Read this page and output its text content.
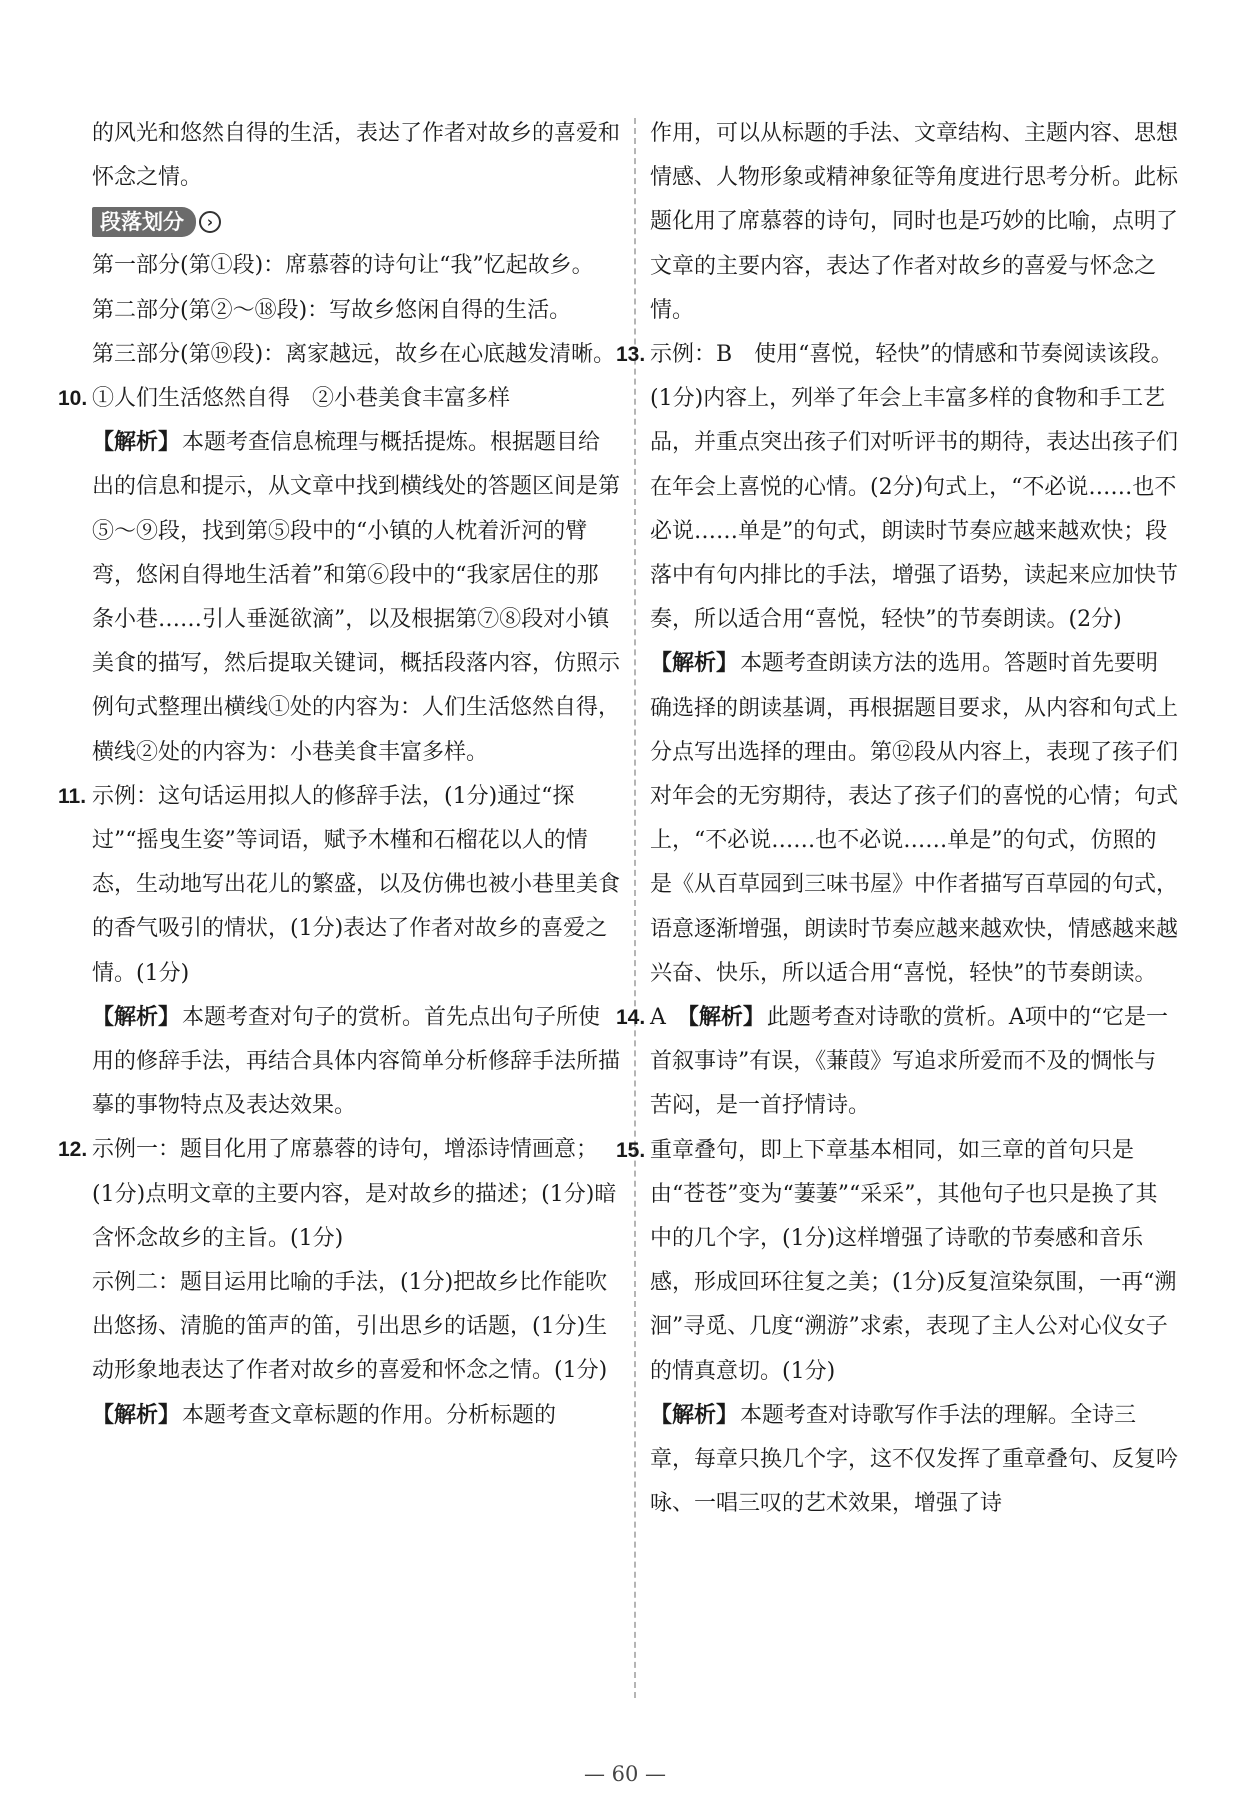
的风光和悠然自得的生活，表达了作者对故乡的喜爱和怀念之情。
段落划分	›
第一部分(第①段)：席慕蓉的诗句让“我”忆起故乡。
第二部分(第②～⑱段)：写故乡悠闲自得的生活。
第三部分(第⑲段)：离家越远，故乡在心底越发清晰。
10. ①人们生活悠然自得　②小巷美食丰富多样
【解析】本题考查信息梳理与概括提炼。根据题目给出的信息和提示，从文章中找到横线处的答题区间是第⑤～⑨段，找到第⑤段中的“小镇的人枕着沂河的臂弯，悠闲自得地生活着”和第⑥段中的“我家居住的那条小巷……引人垂涎欲滴”，以及根据第⑦⑧段对小镇美食的描写，然后提取关键词，概括段落内容，仿照示例句式整理出横线①处的内容为：人们生活悠然自得，横线②处的内容为：小巷美食丰富多样。
11. 示例：这句话运用拟人的修辞手法，(1分)通过“探过”“摇曳生姿”等词语，赋予木槿和石榴花以人的情态，生动地写出花儿的繁盛，以及仿佛也被小巷里美食的香气吸引的情状，(1分)表达了作者对故乡的喜爱之情。(1分)
【解析】本题考查对句子的赏析。首先点出句子所使用的修辞手法，再结合具体内容简单分析修辞手法所描摹的事物特点及表达效果。
12. 示例一：题目化用了席慕蓉的诗句，增添诗情画意；(1分)点明文章的主要内容，是对故乡的描述；(1分)暗含怀念故乡的主旨。(1分)
示例二：题目运用比喻的手法，(1分)把故乡比作能吹出悠扬、清脆的笛声的笛，引出思乡的话题，(1分)生动形象地表达了作者对故乡的喜爱和怀念之情。(1分)
【解析】本题考查文章标题的作用。分析标题的
作用，可以从标题的手法、文章结构、主题内容、思想情感、人物形象或精神象征等角度进行思考分析。此标题化用了席慕蓉的诗句，同时也是巧妙的比喻，点明了文章的主要内容，表达了作者对故乡的喜爱与怀念之情。
13. 示例：B　使用“喜悦，轻快”的情感和节奏阅读该段。(1分)内容上，列举了年会上丰富多样的食物和手工艺品，并重点突出孩子们对听评书的期待，表达出孩子们在年会上喜悦的心情。(2分)句式上，“不必说……也不必说……单是”的句式，朗读时节奏应越来越欢快；段落中有句内排比的手法，增强了语势，读起来应加快节奏，所以适合用“喜悦，轻快”的节奏朗读。(2分)
【解析】本题考查朗读方法的选用。答题时首先要明确选择的朗读基调，再根据题目要求，从内容和句式上分点写出选择的理由。第⑫段从内容上，表现了孩子们对年会的无穷期待，表达了孩子们的喜悦的心情；句式上，“不必说……也不必说……单是”的句式，仿照的是《从百草园到三味书屋》中作者描写百草园的句式，语意逐渐增强，朗读时节奏应越来越欢快，情感越来越兴奋、快乐，所以适合用“喜悦，轻快”的节奏朗读。
14. A　 【解析】此题考查对诗歌的赏析。A项中的“它是一首叙事诗”有误，《蒹葭》写追求所爱而不及的惆怅与苦闷，是一首抒情诗。
15. 重章叠句，即上下章基本相同，如三章的首句只是由“苍苍”变为“萋萋”“采采”，其他句子也只是换了其中的几个字，(1分)这样增强了诗歌的节奏感和音乐感，形成回环往复之美；(1分)反复渲染氛围，一再“溯洄”寻觅、几度“溯游”求索，表现了主人公对心仪女子的情真意切。(1分)
【解析】本题考查对诗歌写作手法的理解。全诗三章，每章只换几个字，这不仅发挥了重章叠句、反复吟咏、一唱三叹的艺术效果，增强了诗
— 60 —
